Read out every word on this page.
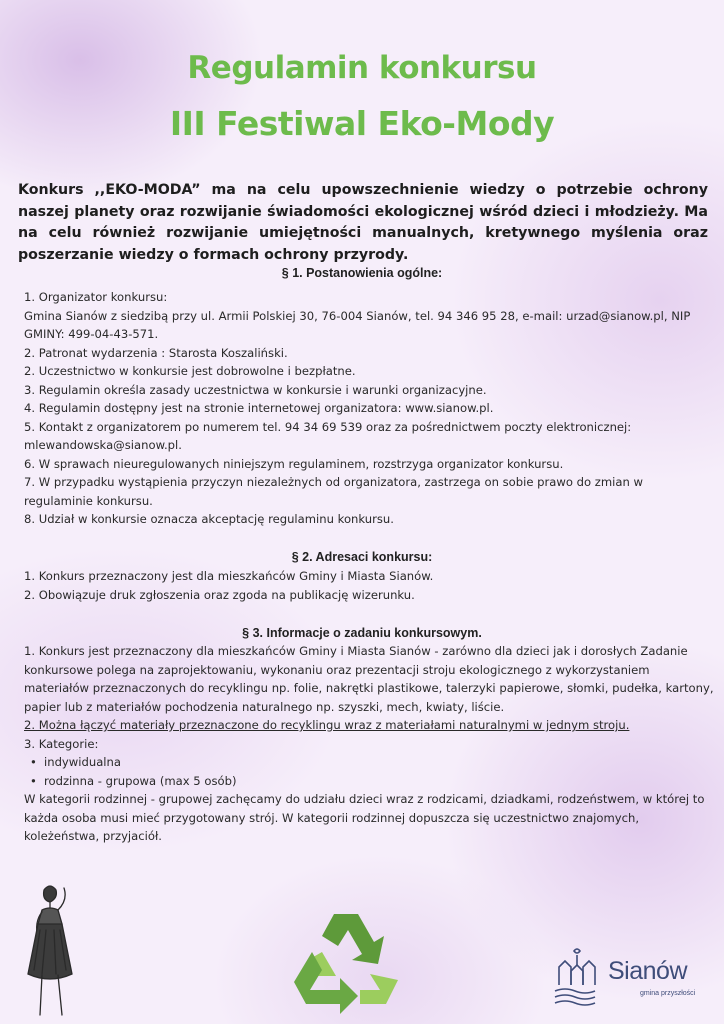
Regulamin konkursu
III Festiwal Eko-Mody
Konkurs ,,EKO-MODA” ma na celu upowszechnienie wiedzy o potrzebie ochrony naszej planety oraz rozwijanie świadomości ekologicznej wśród dzieci i młodzieży. Ma na celu również rozwijanie umiejętności manualnych, kretywnego myślenia oraz poszerzanie wiedzy o formach ochrony przyrody.
§ 1. Postanowienia ogólne:

1. Organizator konkursu:

Gmina Sianów z siedzibą przy ul. Armii Polskiej 30, 76-004 Sianów, tel. 94 346 95 28, e-mail: urzad@sianow.pl, NIP GMINY: 499-04-43-571.

2. Patronat wydarzenia : Starosta Koszaliński.

2. Uczestnictwo w konkursie jest dobrowolne i bezpłatne.

3. Regulamin określa zasady uczestnictwa w konkursie i warunki organizacyjne.

4. Regulamin dostępny jest na stronie internetowej organizatora: www.sianow.pl.

5. Kontakt z organizatorem po numerem tel. 94 34 69 539 oraz za pośrednictwem poczty elektronicznej: mlewandowska@sianow.pl.

6. W sprawach nieuregulowanych niniejszym regulaminem, rozstrzyga organizator konkursu.

7. W przypadku wystąpienia przyczyn niezależnych od organizatora, zastrzega on sobie prawo do zmian w regulaminie konkursu.

8. Udział w konkursie oznacza akceptację regulaminu konkursu.

§ 2. Adresaci konkursu:

1. Konkurs przeznaczony jest dla mieszkańców Gminy i Miasta Sianów.

2. Obowiązuje druk zgłoszenia oraz zgoda na publikację wizerunku.

§ 3. Informacje o zadaniu konkursowym.

1. Konkurs jest przeznaczony dla mieszkańców Gminy i Miasta Sianów - zarówno dla dzieci jak i dorosłych Zadanie konkursowe polega na zaprojektowaniu, wykonaniu oraz prezentacji stroju ekologicznego z wykorzystaniem materiałów przeznaczonych do recyklingu np. folie, nakrętki plastikowe, talerzyki papierowe, słomki, pudełka, kartony, papier lub z materiałów pochodzenia naturalnego np. szyszki, mech, kwiaty, liście.

2. Można łączyć materiały przeznaczone do recyklingu wraz z materiałami naturalnymi w jednym stroju.

3. Kategorie:

• indywidualna

• rodzinna - grupowa (max 5 osób)

W kategorii rodzinnej - grupowej zachęcamy do udziału dzieci wraz z rodzicami, dziadkami, rodzeństwem, w której to każda osoba musi mieć przygotowany strój. W kategorii rodzinnej dopuszcza się uczestnictwo znajomych, koleżeństwa, przyjaciół.

Sianów
gmina przyszłości
